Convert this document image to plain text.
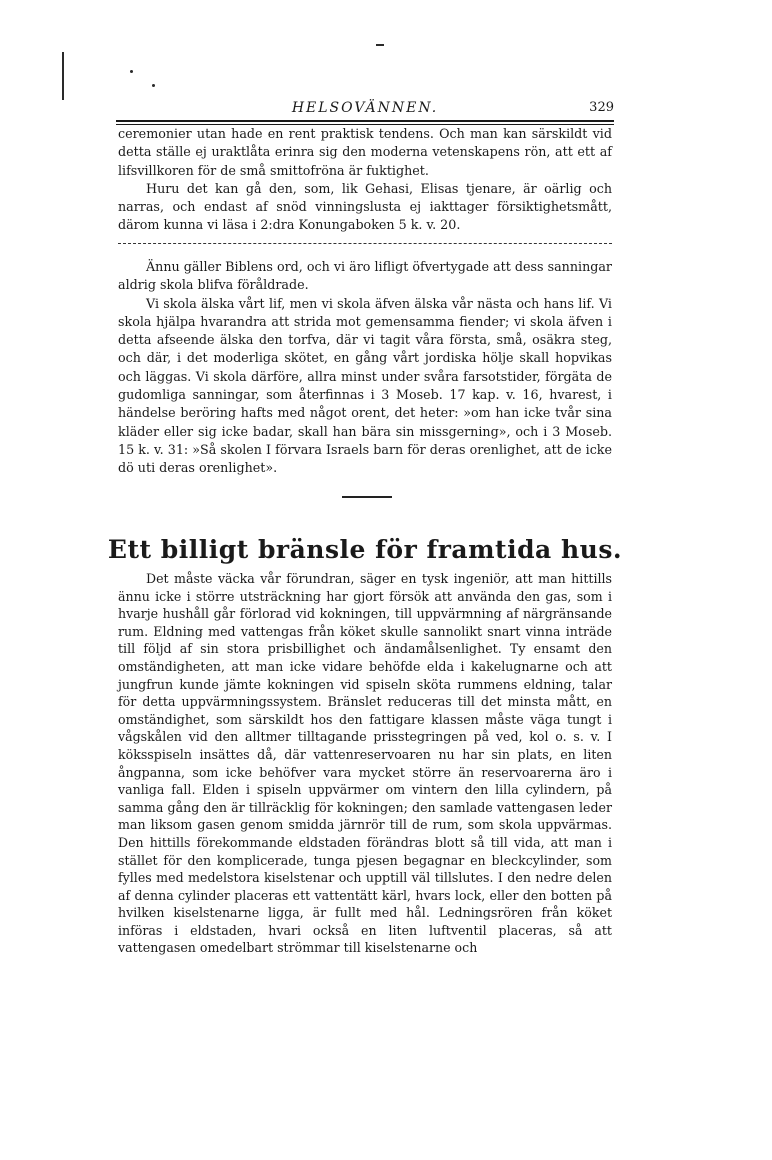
HELSOVÄNNEN.	329

ceremonier utan hade en rent praktisk tendens. Och man kan särskildt vid detta ställe ej uraktlåta erinra sig den moderna vetenskapens rön, att ett af lifsvillkoren för de små smittofröna är fuktighet.

Huru det kan gå den, som, lik Gehasi, Elisas tjenare, är oärlig och narras, och endast af snöd vinningslusta ej iakttager försiktighetsmått, därom kunna vi läsa i 2:dra Konungaboken 5 k. v. 20.

Ännu gäller Biblens ord, och vi äro lifligt öfvertygade att dess sanningar aldrig skola blifva föråldrade.

Vi skola älska vårt lif, men vi skola äfven älska vår nästa och hans lif. Vi skola hjälpa hvarandra att strida mot gemensamma fiender; vi skola äfven i detta afseende älska den torfva, där vi tagit våra första, små, osäkra steg, och där, i det moderliga skötet, en gång vårt jordiska hölje skall hopvikas och läggas. Vi skola därföre, allra minst under svåra farsotstider, förgäta de gudomliga sanningar, som återfinnas i 3 Moseb. 17 kap. v. 16, hvarest, i händelse beröring hafts med något orent, det heter: »om han icke tvår sina kläder eller sig icke badar, skall han bära sin missgerning», och i 3 Moseb. 15 k. v. 31: »Så skolen I förvara Israels barn för deras orenlighet, att de icke dö uti deras orenlighet».

Ett billigt bränsle för framtida hus.

Det måste väcka vår förundran, säger en tysk ingeniör, att man hittills ännu icke i större utsträckning har gjort försök att använda den gas, som i hvarje hushåll går förlorad vid kokningen, till uppvärmning af närgränsande rum. Eldning med vattengas från köket skulle sannolikt snart vinna inträde till följd af sin stora prisbillighet och ändamålsenlighet. Ty ensamt den omständigheten, att man icke vidare behöfde elda i kakelugnarne och att jungfrun kunde jämte kokningen vid spiseln sköta rummens eldning, talar för detta uppvärmningssystem. Bränslet reduceras till det minsta mått, en omständighet, som särskildt hos den fattigare klassen måste väga tungt i vågskålen vid den alltmer tilltagande prisstegringen på ved, kol o. s. v. I köksspiseln insättes då, där vattenreservoaren nu har sin plats, en liten ångpanna, som icke behöfver vara mycket större än reservoarerna äro i vanliga fall. Elden i spiseln uppvärmer om vintern den lilla cylindern, på samma gång den är tillräcklig för kokningen; den samlade vattengasen leder man liksom gasen genom smidda järnrör till de rum, som skola uppvärmas. Den hittills förekommande eldstaden förändras blott så till vida, att man i stället för den komplicerade, tunga pjesen begagnar en bleckcylinder, som fylles med medelstora kiselstenar och upptill väl tillslutes. I den nedre delen af denna cylinder placeras ett vattentätt kärl, hvars lock, eller den botten på hvilken kiselstenarne ligga, är fullt med hål. Ledningsrören från köket införas i eldstaden, hvari också en liten luftventil placeras, så att vattengasen omedelbart strömmar till kiselstenarne och
